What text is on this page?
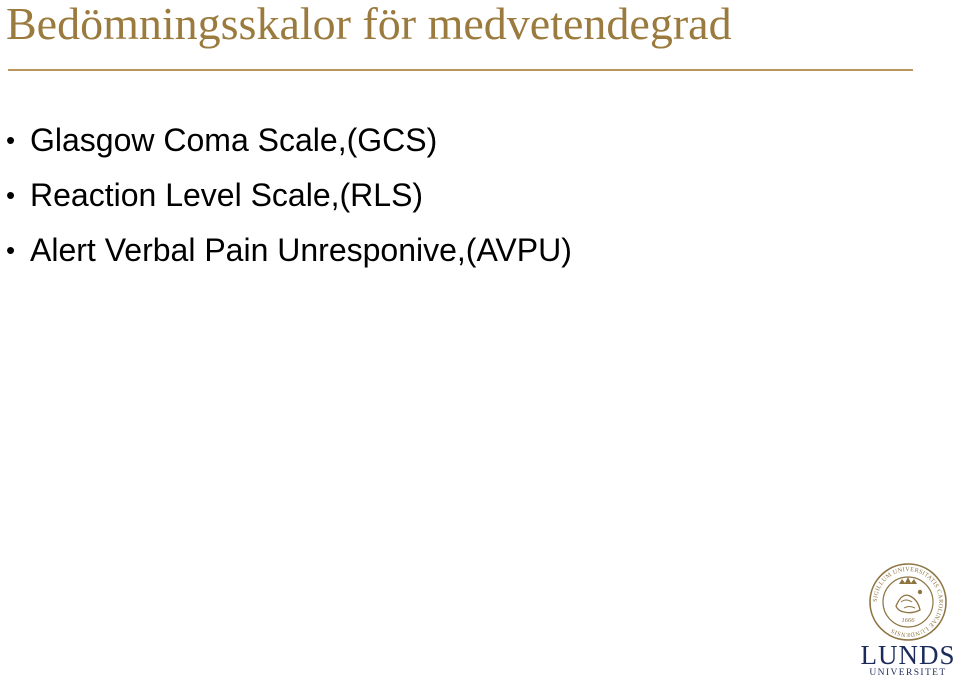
Bedömningsskalor för medvetendegrad
• Glasgow Coma Scale,(GCS)
• Reaction Level Scale,(RLS)
• Alert Verbal Pain Unresponive,(AVPU)
SIGILLUM UNIVERSITATIS CAROLINAE LUNDENSIS
1666
LUNDS
UNIVERSITET
